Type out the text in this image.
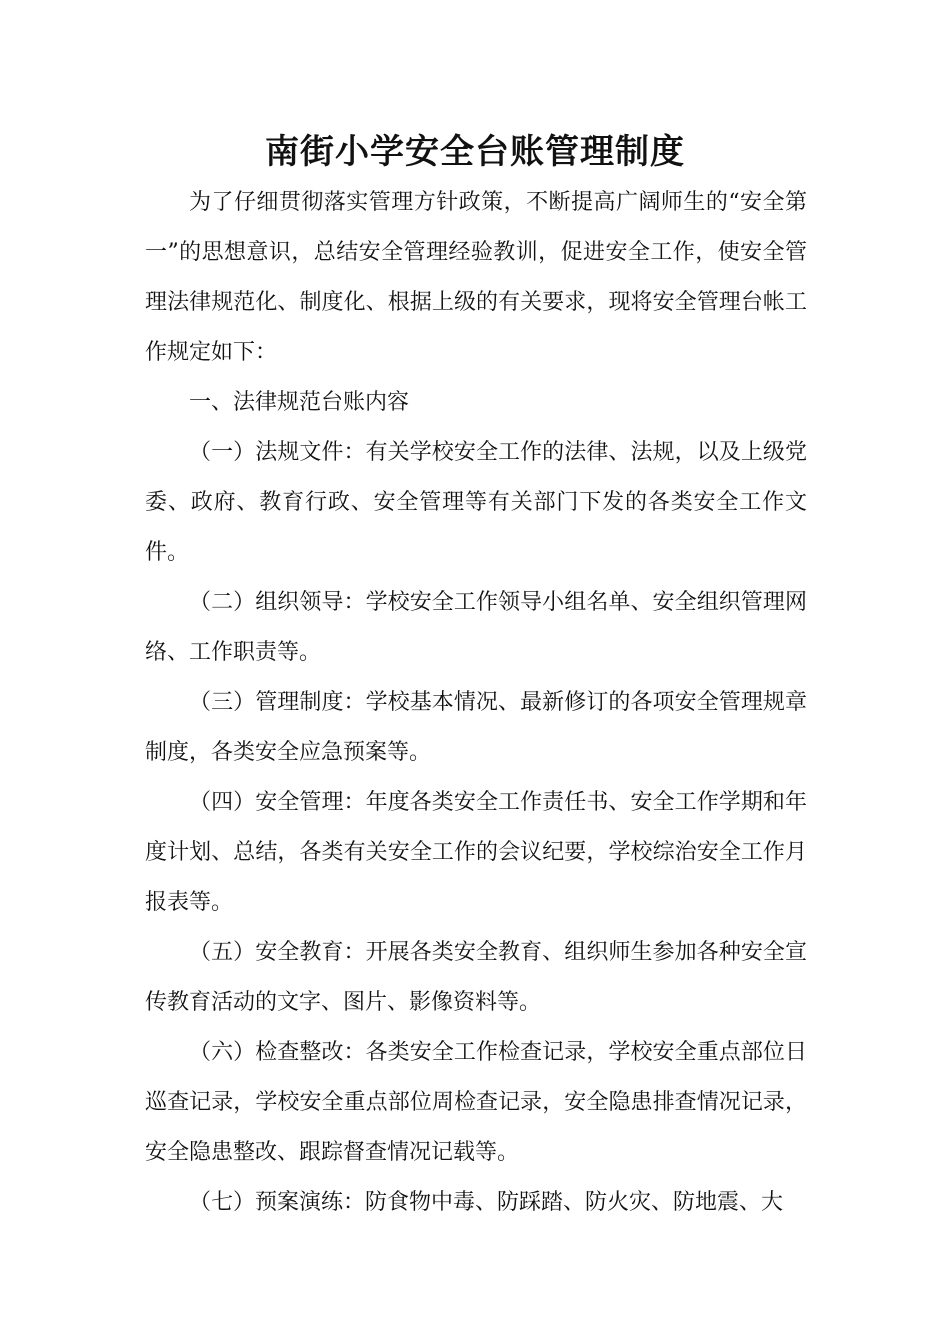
南街小学安全台账管理制度

为了仔细贯彻落实管理方针政策，不断提高广阔师生的“安全第一”的思想意识，总结安全管理经验教训，促进安全工作，使安全管理法律规范化、制度化、根据上级的有关要求，现将安全管理台帐工作规定如下：

一、法律规范台账内容

（一）法规文件：有关学校安全工作的法律、法规，以及上级党委、政府、教育行政、安全管理等有关部门下发的各类安全工作文件。

（二）组织领导：学校安全工作领导小组名单、安全组织管理网络、工作职责等。

（三）管理制度：学校基本情况、最新修订的各项安全管理规章制度，各类安全应急预案等。

（四）安全管理：年度各类安全工作责任书、安全工作学期和年度计划、总结，各类有关安全工作的会议纪要，学校综治安全工作月报表等。

（五）安全教育：开展各类安全教育、组织师生参加各种安全宣传教育活动的文字、图片、影像资料等。

（六）检查整改：各类安全工作检查记录，学校安全重点部位日巡查记录，学校安全重点部位周检查记录，安全隐患排查情况记录，安全隐患整改、跟踪督查情况记载等。

（七）预案演练：防食物中毒、防踩踏、防火灾、防地震、大
